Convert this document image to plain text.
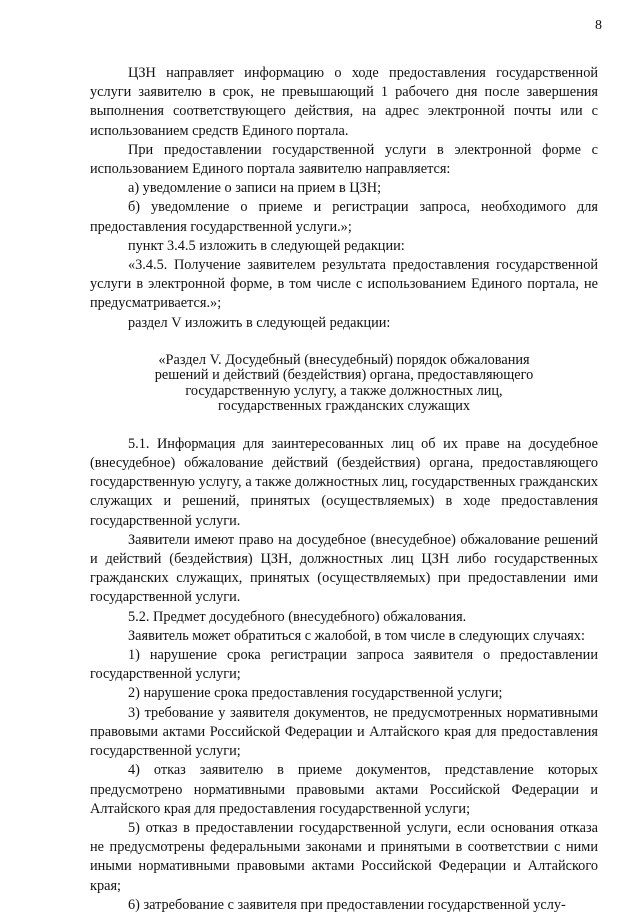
8

ЦЗН направляет информацию о ходе предоставления государственной услуги заявителю в срок, не превышающий 1 рабочего дня после завершения выполнения соответствующего действия, на адрес электронной почты или с использованием средств Единого портала.

При предоставлении государственной услуги в электронной форме с использованием Единого портала заявителю направляется:

а) уведомление о записи на прием в ЦЗН;

б) уведомление о приеме и регистрации запроса, необходимого для предоставления государственной услуги.»;

пункт 3.4.5 изложить в следующей редакции:

«3.4.5. Получение заявителем результата предоставления государственной услуги в электронной форме, в том числе с использованием Единого портала, не предусматривается.»;

раздел V изложить в следующей редакции:

«Раздел V. Досудебный (внесудебный) порядок обжалования
решений и действий (бездействия) органа, предоставляющего
государственную услугу, а также должностных лиц,
государственных гражданских служащих

5.1. Информация для заинтересованных лиц об их праве на досудебное (внесудебное) обжалование действий (бездействия) органа, предоставляющего государственную услугу, а также должностных лиц, государственных гражданских служащих и решений, принятых (осуществляемых) в ходе предоставления государственной услуги.

Заявители имеют право на досудебное (внесудебное) обжалование решений и действий (бездействия) ЦЗН, должностных лиц ЦЗН либо государственных гражданских служащих, принятых (осуществляемых) при предоставлении ими государственной услуги.

5.2. Предмет досудебного (внесудебного) обжалования.

Заявитель может обратиться с жалобой, в том числе в следующих случаях:

1) нарушение срока регистрации запроса заявителя о предоставлении государственной услуги;

2) нарушение срока предоставления государственной услуги;

3) требование у заявителя документов, не предусмотренных нормативными правовыми актами Российской Федерации и Алтайского края для предоставления государственной услуги;

4) отказ заявителю в приеме документов, представление которых предусмотрено нормативными правовыми актами Российской Федерации и Алтайского края для предоставления государственной услуги;

5) отказ в предоставлении государственной услуги, если основания отказа не предусмотрены федеральными законами и принятыми в соответствии с ними иными нормативными правовыми актами Российской Федерации и Алтайского края;

6) затребование с заявителя при предоставлении государственной услу-
